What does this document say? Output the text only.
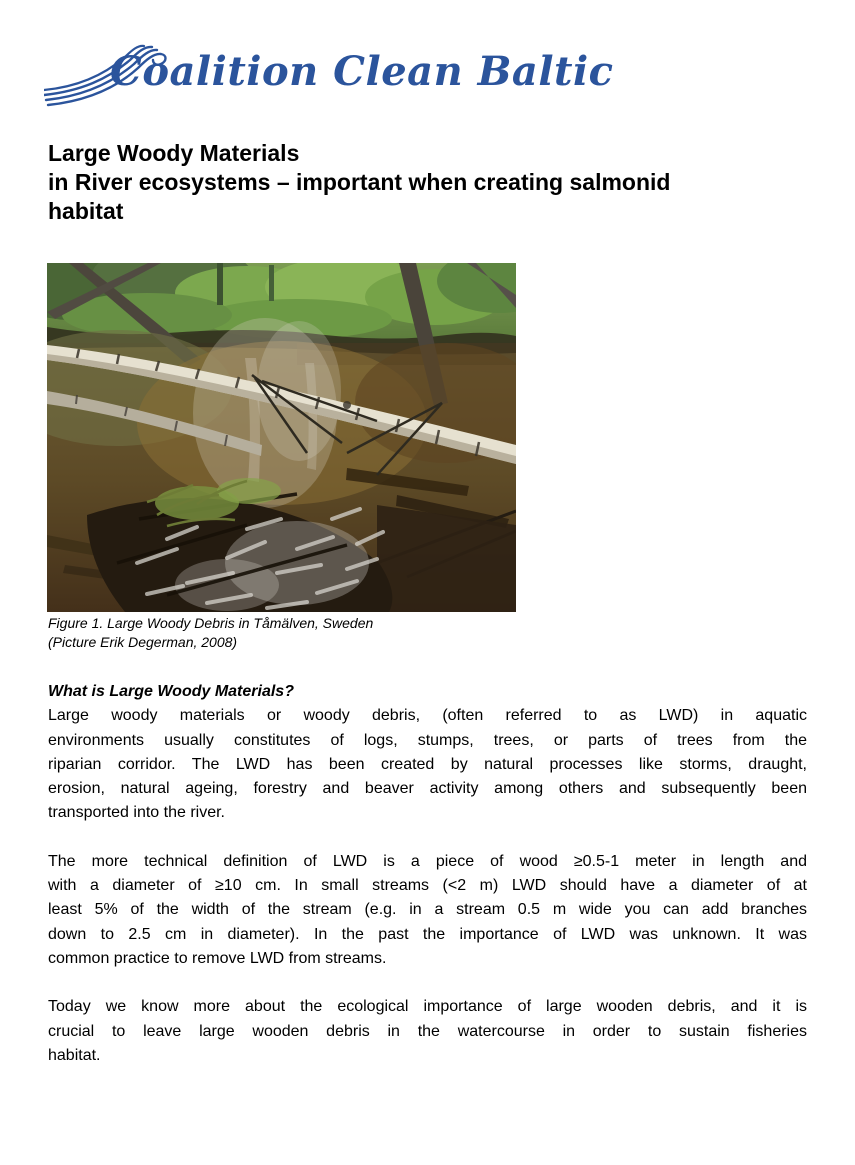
Coalition Clean Baltic
Large Woody Materials
in River ecosystems – important when creating salmonid
habitat
Figure 1. Large Woody Debris in Tåmälven, Sweden
(Picture Erik Degerman, 2008)
What is Large Woody Materials?
Large woody materials or woody debris, (often referred to as LWD) in aquatic
environments usually constitutes of logs, stumps, trees, or parts of trees from the
riparian corridor. The LWD has been created by natural processes like storms, draught,
erosion, natural ageing, forestry and beaver activity among others and subsequently been
transported into the river.
The more technical definition of LWD is a piece of wood ≥0.5-1 meter in length and
with a diameter of ≥10 cm. In small streams (<2 m) LWD should have a diameter of at
least 5% of the width of the stream (e.g. in a stream 0.5 m wide you can add branches
down to 2.5 cm in diameter). In the past the importance of LWD was unknown. It was
common practice to remove LWD from streams.
Today we know more about the ecological importance of large wooden debris, and it is
crucial to leave large wooden debris in the watercourse in order to sustain fisheries
habitat.
